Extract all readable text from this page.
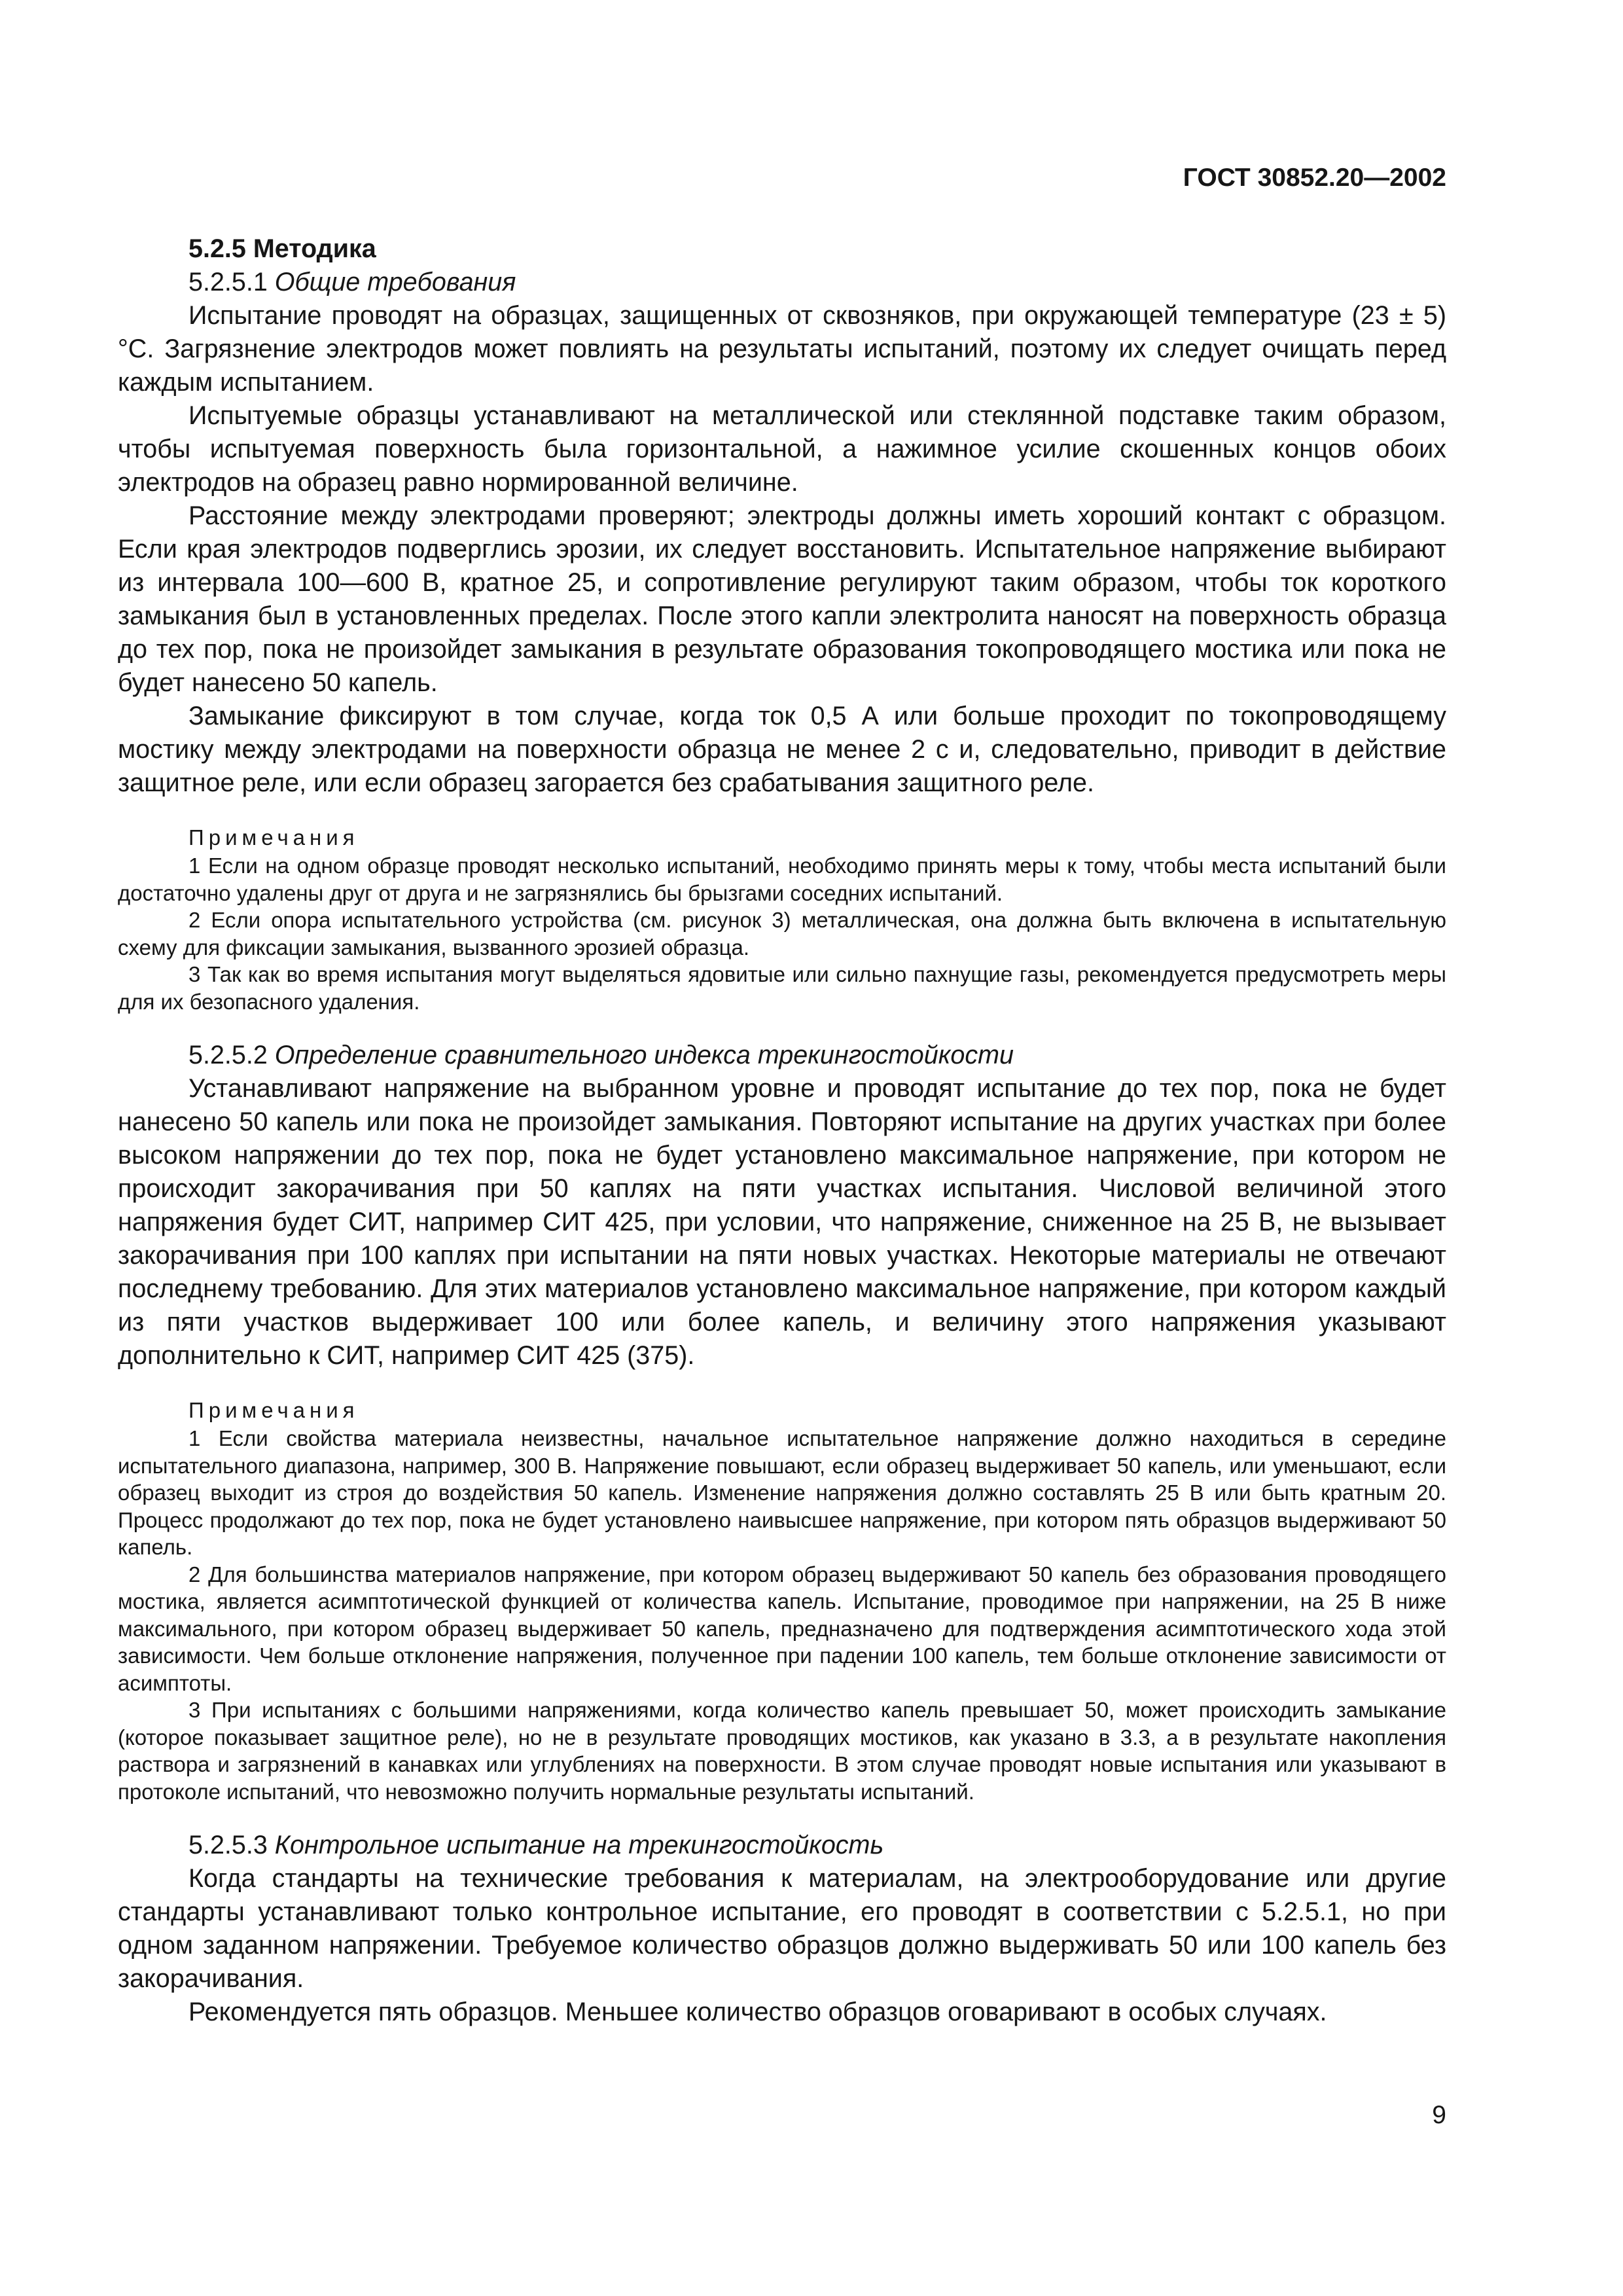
ГОСТ 30852.20—2002

5.2.5 Методика

5.2.5.1 Общие требования

Испытание проводят на образцах, защищенных от сквозняков, при окружающей температуре (23 ± 5) °С. Загрязнение электродов может повлиять на результаты испытаний, поэтому их следует очищать перед каждым испытанием.

Испытуемые образцы устанавливают на металлической или стеклянной подставке таким образом, чтобы испытуемая поверхность была горизонтальной, а нажимное усилие скошенных концов обоих электродов на образец равно нормированной величине.

Расстояние между электродами проверяют; электроды должны иметь хороший контакт с образцом. Если края электродов подверглись эрозии, их следует восстановить. Испытательное напряжение выбирают из интервала 100—600 В, кратное 25, и сопротивление регулируют таким образом, чтобы ток короткого замыкания был в установленных пределах. После этого капли электролита наносят на поверхность образца до тех пор, пока не произойдет замыкания в результате образования токопроводящего мостика или пока не будет нанесено 50 капель.

Замыкание фиксируют в том случае, когда ток 0,5 А или больше проходит по токопроводящему мостику между электродами на поверхности образца не менее 2 с и, следовательно, приводит в действие защитное реле, или если образец загорается без срабатывания защитного реле.

Примечания

1 Если на одном образце проводят несколько испытаний, необходимо принять меры к тому, чтобы места испытаний были достаточно удалены друг от друга и не загрязнялись бы брызгами соседних испытаний.

2 Если опора испытательного устройства (см. рисунок 3) металлическая, она должна быть включена в испытательную схему для фиксации замыкания, вызванного эрозией образца.

3 Так как во время испытания могут выделяться ядовитые или сильно пахнущие газы, рекомендуется предусмотреть меры для их безопасного удаления.

5.2.5.2 Определение сравнительного индекса трекингостойкости

Устанавливают напряжение на выбранном уровне и проводят испытание до тех пор, пока не будет нанесено 50 капель или пока не произойдет замыкания. Повторяют испытание на других участках при более высоком напряжении до тех пор, пока не будет установлено максимальное напряжение, при котором не происходит закорачивания при 50 каплях на пяти участках испытания. Числовой величиной этого напряжения будет СИТ, например СИТ 425, при условии, что напряжение, сниженное на 25 В, не вызывает закорачивания при 100 каплях при испытании на пяти новых участках. Некоторые материалы не отвечают последнему требованию. Для этих материалов установлено максимальное напряжение, при котором каждый из пяти участков выдерживает 100 или более капель, и величину этого напряжения указывают дополнительно к СИТ, например СИТ 425 (375).

Примечания

1 Если свойства материала неизвестны, начальное испытательное напряжение должно находиться в середине испытательного диапазона, например, 300 В. Напряжение повышают, если образец выдерживает 50 капель, или уменьшают, если образец выходит из строя до воздействия 50 капель. Изменение напряжения должно составлять 25 В или быть кратным 20. Процесс продолжают до тех пор, пока не будет установлено наивысшее напряжение, при котором пять образцов выдерживают 50 капель.

2 Для большинства материалов напряжение, при котором образец выдерживают 50 капель без образования проводящего мостика, является асимптотической функцией от количества капель. Испытание, проводимое при напряжении, на 25 В ниже максимального, при котором образец выдерживает 50 капель, предназначено для подтверждения асимптотического хода этой зависимости. Чем больше отклонение напряжения, полученное при падении 100 капель, тем больше отклонение зависимости от асимптоты.

3 При испытаниях с большими напряжениями, когда количество капель превышает 50, может происходить замыкание (которое показывает защитное реле), но не в результате проводящих мостиков, как указано в 3.3, а в результате накопления раствора и загрязнений в канавках или углублениях на поверхности. В этом случае проводят новые испытания или указывают в протоколе испытаний, что невозможно получить нормальные результаты испытаний.

5.2.5.3 Контрольное испытание на трекингостойкость

Когда стандарты на технические требования к материалам, на электрооборудование или другие стандарты устанавливают только контрольное испытание, его проводят в соответствии с 5.2.5.1, но при одном заданном напряжении. Требуемое количество образцов должно выдерживать 50 или 100 капель без закорачивания.

Рекомендуется пять образцов. Меньшее количество образцов оговаривают в особых случаях.

9
